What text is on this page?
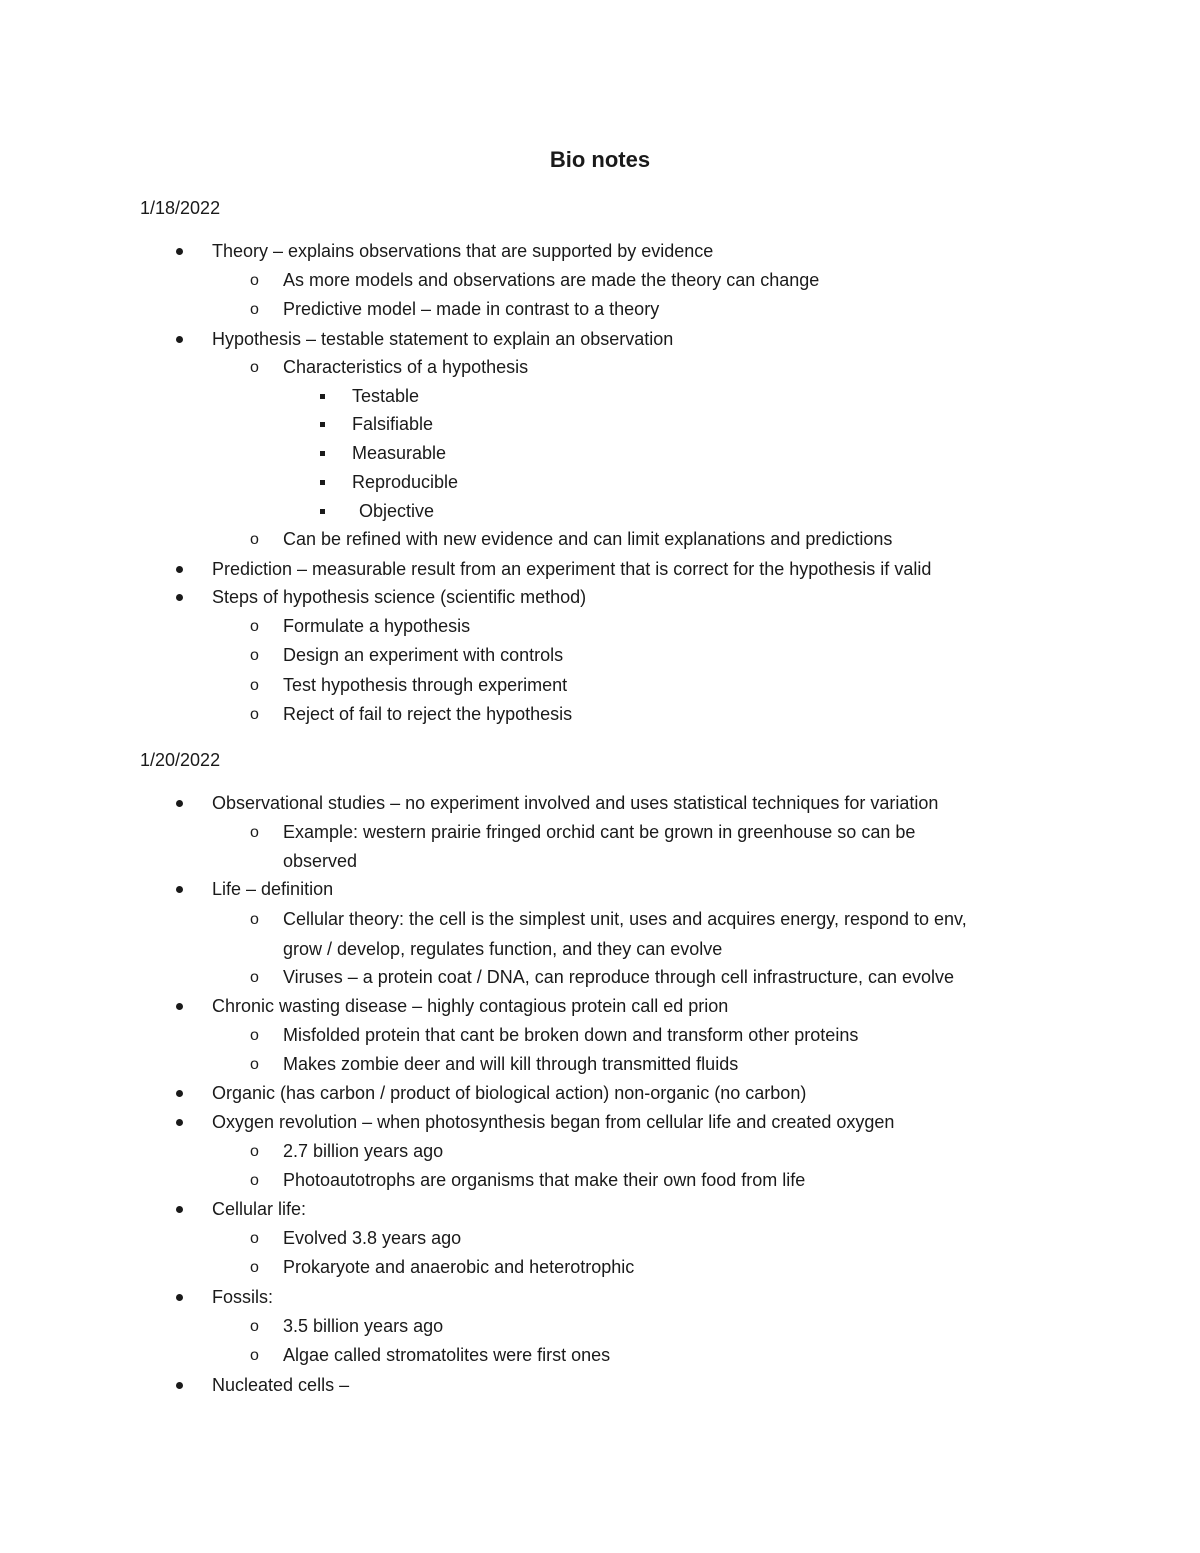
Bio notes
1/18/2022
Theory – explains observations that are supported by evidence
o As more models and observations are made the theory can change
o Predictive model – made in contrast to a theory
Hypothesis – testable statement to explain an observation
o Characteristics of a hypothesis
Testable
Falsifiable
Measurable
Reproducible
Objective
o Can be refined with new evidence and can limit explanations and predictions
Prediction – measurable result from an experiment that is correct for the hypothesis if valid
Steps of hypothesis science (scientific method)
o Formulate a hypothesis
o Design an experiment with controls
o Test hypothesis through experiment
o Reject of fail to reject the hypothesis
1/20/2022
Observational studies – no experiment involved and uses statistical techniques for variation
o Example: western prairie fringed orchid cant be grown in greenhouse so can be
observed
Life – definition
o Cellular theory: the cell is the simplest unit, uses and acquires energy, respond to env,
grow / develop, regulates function, and they can evolve
o Viruses – a protein coat / DNA, can reproduce through cell infrastructure, can evolve
Chronic wasting disease – highly contagious protein call ed prion
o Misfolded protein that cant be broken down and transform other proteins
o Makes zombie deer and will kill through transmitted fluids
Organic (has carbon / product of biological action) non-organic (no carbon)
Oxygen revolution – when photosynthesis began from cellular life and created oxygen
o 2.7 billion years ago
o Photoautotrophs are organisms that make their own food from life
Cellular life:
o Evolved 3.8 years ago
o Prokaryote and anaerobic and heterotrophic
Fossils:
o 3.5 billion years ago
o Algae called stromatolites were first ones
Nucleated cells –
